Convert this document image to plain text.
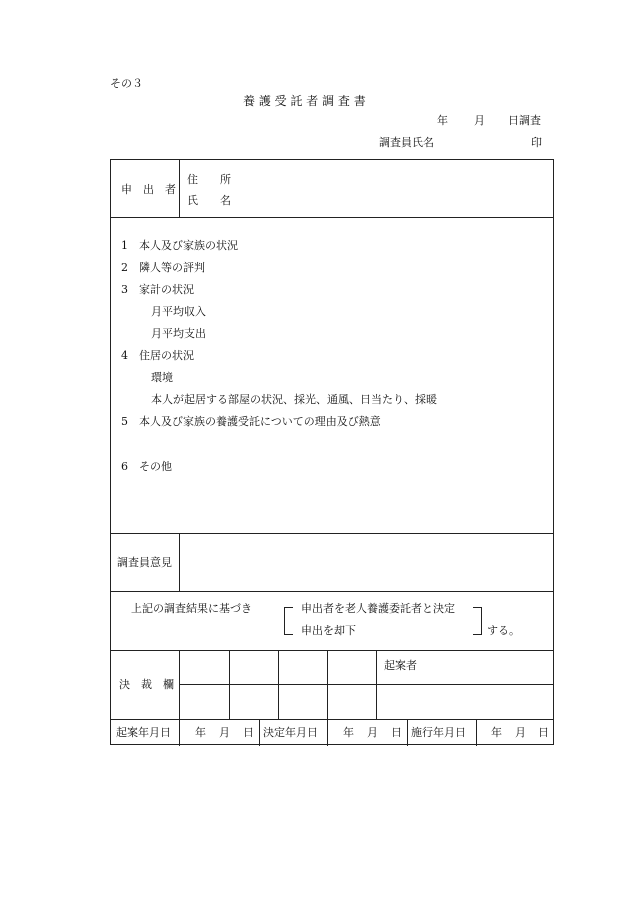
その３
養 護 受 託 者 調 査 書
年 月 日調査
調査員氏名	印
申　出　者
住　　所
氏　　名
1　本人及び家族の状況
2　隣人等の評判
3　家計の状況
月平均収入
月平均支出
4　住居の状況
環境
本人が起居する部屋の状況、採光、通風、日当たり、採暖
5　本人及び家族の養護受託についての理由及び熱意
6　その他
調査員意見
上記の調査結果に基づき	申出者を老人養護委託者と決定
申出を却下	する。
決　裁　欄
起案者
起案年月日 年 月 日 決定年月日 年 月 日 施行年月日 年 月 日
